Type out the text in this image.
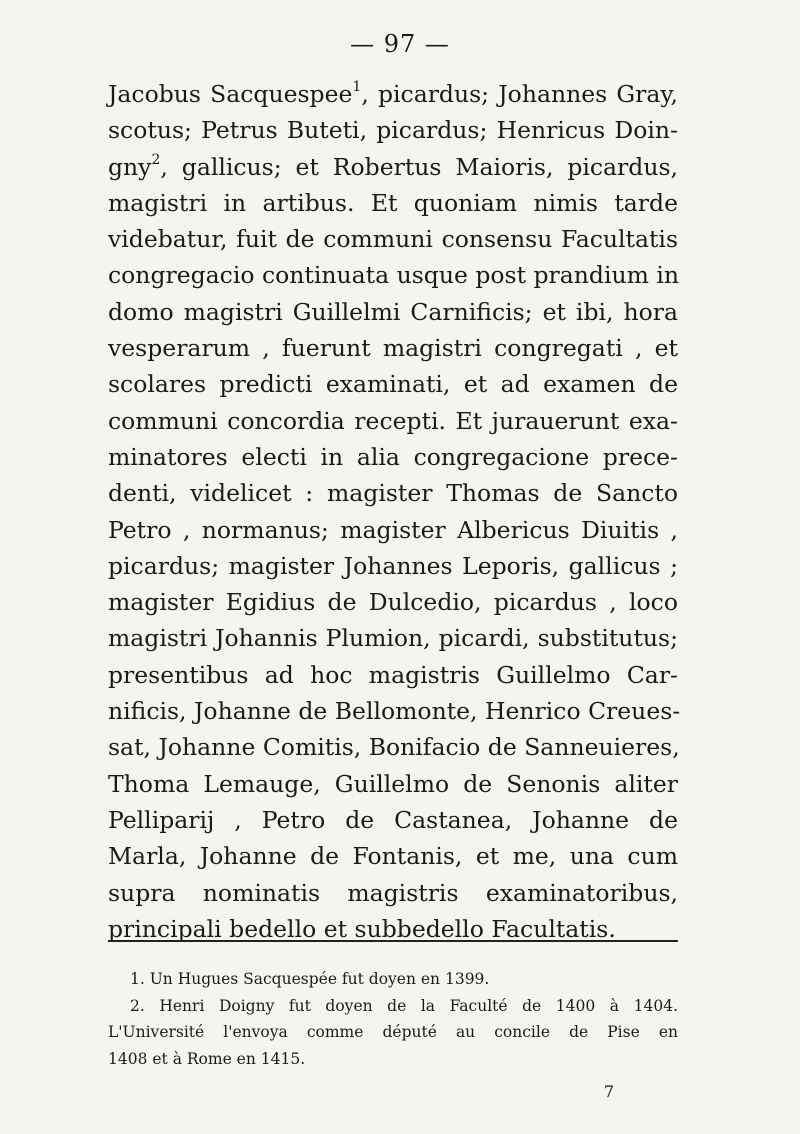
— 97 —
Jacobus Sacquespee$^1$, picardus; Johannes Gray,
scotus; Petrus Buteti, picardus; Henricus Doin-
gny$^2$, gallicus; et Robertus Maioris, picardus,
magistri in artibus. Et quoniam nimis tarde
videbatur, fuit de communi consensu Facultatis
congregacio continuata usque post prandium in
domo magistri Guillelmi Carnificis; et ibi, hora
vesperarum , fuerunt magistri congregati , et
scolares predicti examinati, et ad examen de
communi concordia recepti. Et jurauerunt exa-
minatores electi in alia congregacione prece-
denti, videlicet : magister Thomas de Sancto
Petro , normanus; magister Albericus Diuitis ,
picardus; magister Johannes Leporis, gallicus ;
magister Egidius de Dulcedio, picardus , loco
magistri Johannis Plumion, picardi, substitutus;
presentibus ad hoc magistris Guillelmo Car-
nificis, Johanne de Bellomonte, Henrico Creues-
sat, Johanne Comitis, Bonifacio de Sanneuieres,
Thoma Lemauge, Guillelmo de Senonis aliter
Pelliparij , Petro de Castanea, Johanne de
Marla, Johanne de Fontanis, et me, una cum
supra nominatis magistris examinatoribus,
principali bedello et subbedello Facultatis.
1. Un Hugues Sacquespée fut doyen en 1399.
2. Henri Doigny fut doyen de la Faculté de 1400 à 1404.
L'Université l'envoya comme député au concile de Pise en
1408 et à Rome en 1415.
7
